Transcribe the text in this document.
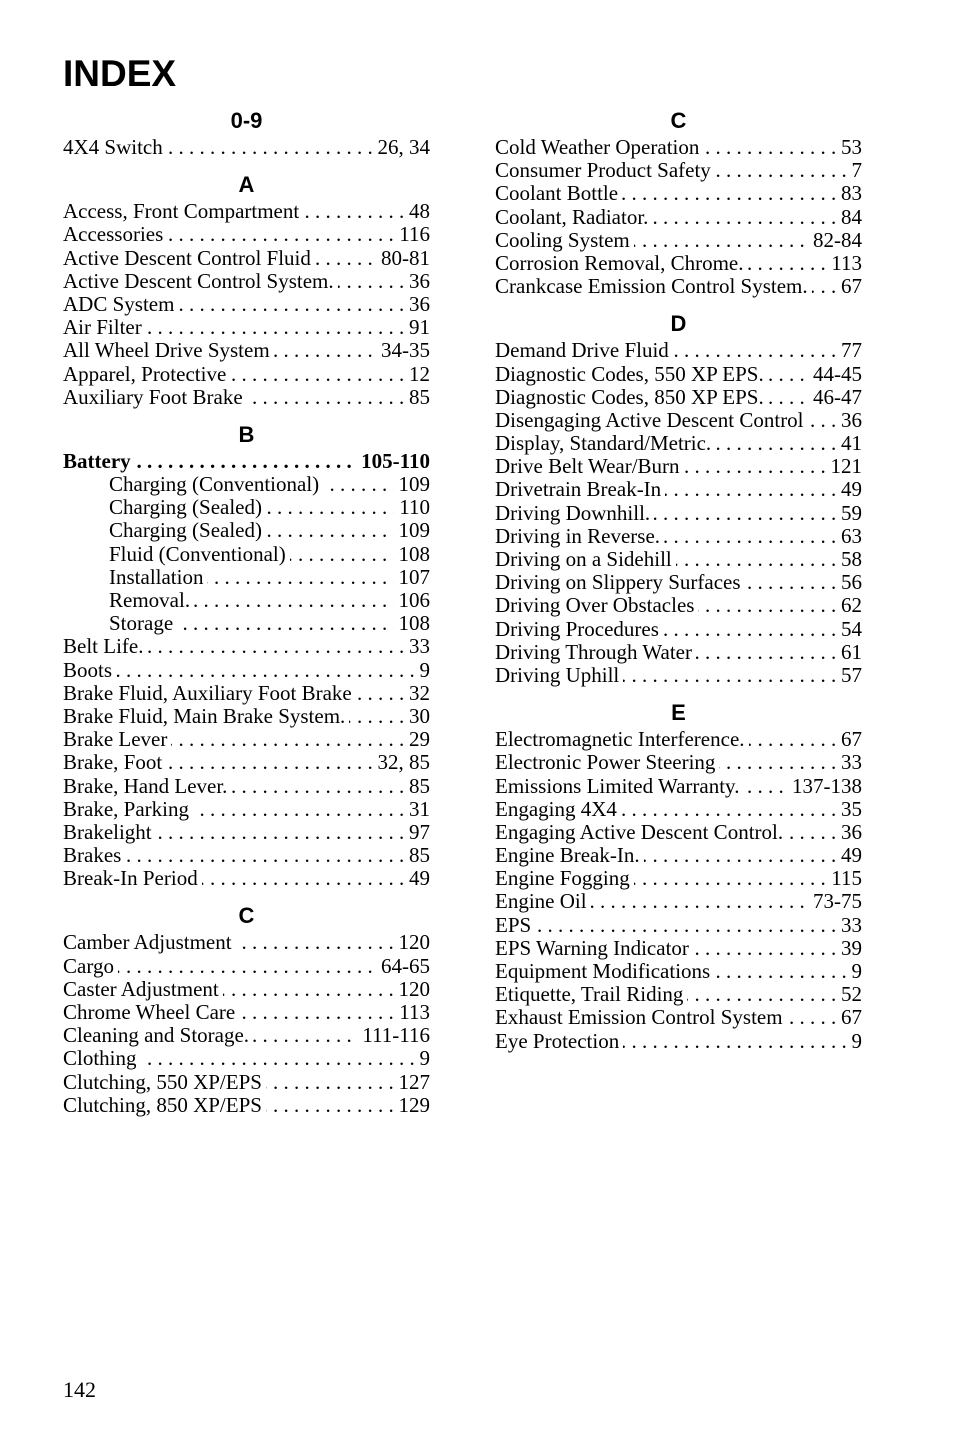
INDEX
0-9
. . . 26, 34
4X4 Switch
A
. . . 48
Access, Front Compartment
. . . 116
Accessories
. . . 80-81
Active Descent Control Fluid
. . . 36
Active Descent Control System.
. . . 36
ADC System
. . . 91
Air Filter
. . . 34-35
All Wheel Drive System
. . . 12
Apparel, Protective
. . . 85
Auxiliary Foot Brake
B
. . . 105-110
Battery
. . . 109
Charging (Conventional)
. . . 110
Charging (Sealed)
. . . 109
Charging (Sealed)
. . . 108
Fluid (Conventional)
. . . 107
Installation
. . . 106
Removal.
. . . 108
Storage
. . . 33
Belt Life.
. . . 9
Boots
. . . 32
Brake Fluid, Auxiliary Foot Brake
. . . 30
Brake Fluid, Main Brake System.
. . . 29
Brake Lever
. . . 32, 85
Brake, Foot
. . . 85
Brake, Hand Lever.
. . . 31
Brake, Parking
. . . 97
Brakelight
. . . 85
Brakes
. . . 49
Break-In Period
C
. . . 120
Camber Adjustment
. . . 64-65
Cargo
. . . 120
Caster Adjustment
. . . 113
Chrome Wheel Care
. . . 111-116
Cleaning and Storage.
. . . 9
Clothing
. . . 127
Clutching, 550 XP/EPS
. . . 129
Clutching, 850 XP/EPS
C
. . . 53
Cold Weather Operation
. . . 7
Consumer Product Safety
. . . 83
Coolant Bottle
. . . 84
Coolant, Radiator.
. . . 82-84
Cooling System
. . . 113
Corrosion Removal, Chrome.
. . . 67
Crankcase Emission Control System.
D
. . . 77
Demand Drive Fluid
. . . 44-45
Diagnostic Codes, 550 XP EPS.
. . . 46-47
Diagnostic Codes, 850 XP EPS.
. . . 36
Disengaging Active Descent Control
. . . 41
Display, Standard/Metric.
. . . 121
Drive Belt Wear/Burn
. . . 49
Drivetrain Break-In
. . . 59
Driving Downhill.
. . . 63
Driving in Reverse.
. . . 58
Driving on a Sidehill
. . . 56
Driving on Slippery Surfaces
. . . 62
Driving Over Obstacles
. . . 54
Driving Procedures
. . . 61
Driving Through Water
. . . 57
Driving Uphill
E
. . . 67
Electromagnetic Interference.
. . . 33
Electronic Power Steering
. . . 137-138
Emissions Limited Warranty.
. . . 35
Engaging 4X4
. . . 36
Engaging Active Descent Control.
. . . 49
Engine Break-In.
. . . 115
Engine Fogging
. . . 73-75
Engine Oil
. . . 33
EPS
. . . 39
EPS Warning Indicator
. . . 9
Equipment Modifications
. . . 52
Etiquette, Trail Riding
. . . 67
Exhaust Emission Control System
. . . 9
Eye Protection
142
